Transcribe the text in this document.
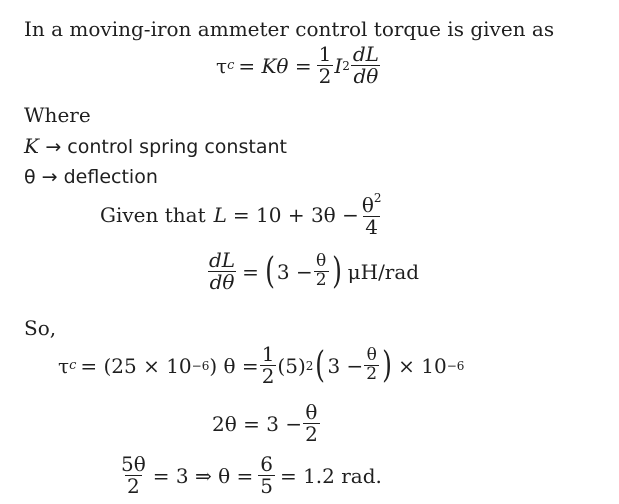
In a moving-iron ammeter control torque is given as
τ $c = K\theta = \frac{1}{2}$ I $2 \frac{dL}{d\theta}$
Where
K → control spring constant
θ → deflection
Given that $L = 10 + 3\theta - \frac{\theta^2}{4}$
$\frac{dL}{d\theta}$ = ( $3 - \frac{\theta}{2}$ ) μH/rad
So,
τ c = (25 × 10 −6 ) $\theta = \frac{1}{2} (5)$ 2 ( $3 - \frac{\theta}{2}$ ) × 10 −6
$2\theta = 3 - \frac{\theta}{2}$
$\frac{5\theta}{2} = 3$ ⇒ $\theta = \frac{6}{5} = 1.2$ rad.
